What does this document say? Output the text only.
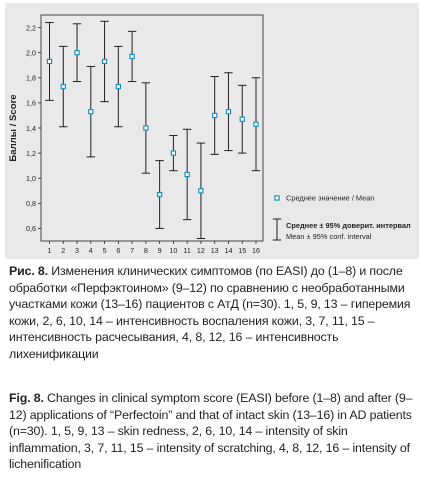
0,6
0,8
1,0
1,2
1,4
1,6
1,8
2,0
2,2
Баллы / Score
1 2 3 4 5 6 7 8 9 10 11 12 13 14 15 16
Среднее значение / Mean
Среднее ± 95% доверит. интервал
Mean ± 95% conf. interval
Рис. 8. Изменения клинических симптомов (по EASI) до (1–8) и после обработки «Перфэктоином» (9–12) по сравнению с необработанными участками кожи (13–16) пациентов с АтД (n=30). 1, 5, 9, 13 – гиперемия кожи, 2, 6, 10, 14 – интенсивность воспаления кожи, 3, 7, 11, 15 – интенсивность расчесывания, 4, 8, 12, 16 – интенсивность лихенификации
Fig. 8. Changes in clinical symptom score (EASI) before (1–8) and after (9–12) applications of “Perfectoin” and that of intact skin (13–16) in AD patients (n=30). 1, 5, 9, 13 – skin redness, 2, 6, 10, 14 – intensity of skin inflammation, 3, 7, 11, 15 – intensity of scratching, 4, 8, 12, 16 – intensity of lichenification
